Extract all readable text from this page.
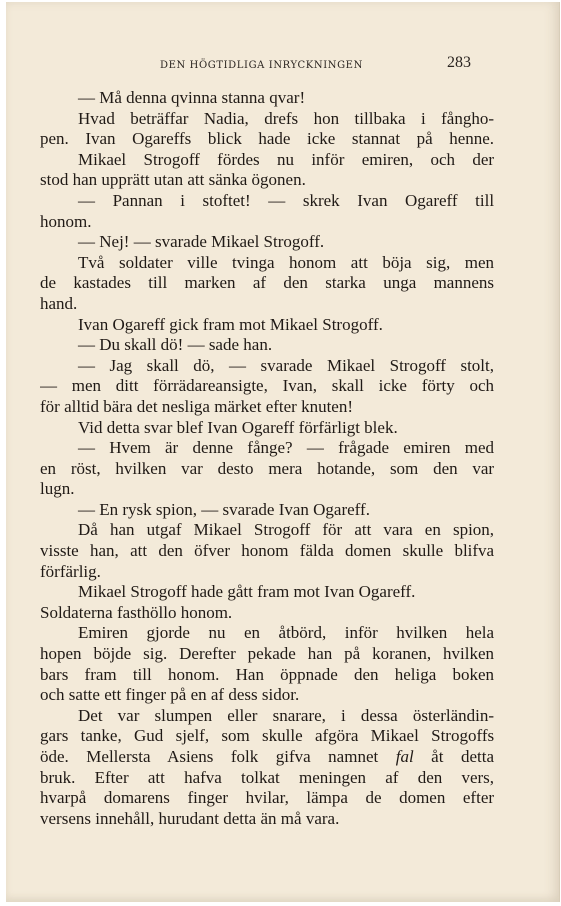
DEN HÖGTIDLIGA INRYCKNINGEN	283
— Må denna qvinna stanna qvar!
Hvad beträffar Nadia, drefs hon tillbaka i fångho-
pen. Ivan Ogareffs blick hade icke stannat på henne.
Mikael Strogoff fördes nu inför emiren, och der
stod han upprätt utan att sänka ögonen.
— Pannan i stoftet! — skrek Ivan Ogareff till
honom.
— Nej! — svarade Mikael Strogoff.
Två soldater ville tvinga honom att böja sig, men
de kastades till marken af den starka unga mannens
hand.
Ivan Ogareff gick fram mot Mikael Strogoff.
— Du skall dö! — sade han.
— Jag skall dö, — svarade Mikael Strogoff stolt,
— men ditt förrädareansigte, Ivan, skall icke förty och
för alltid bära det nesliga märket efter knuten!
Vid detta svar blef Ivan Ogareff förfärligt blek.
— Hvem är denne fånge? — frågade emiren med
en röst, hvilken var desto mera hotande, som den var
lugn.
— En rysk spion, — svarade Ivan Ogareff.
Då han utgaf Mikael Strogoff för att vara en spion,
visste han, att den öfver honom fälda domen skulle blifva
förfärlig.
Mikael Strogoff hade gått fram mot Ivan Ogareff.
Soldaterna fasthöllo honom.
Emiren gjorde nu en åtbörd, inför hvilken hela
hopen böjde sig. Derefter pekade han på koranen, hvilken
bars fram till honom. Han öppnade den heliga boken
och satte ett finger på en af dess sidor.
Det var slumpen eller snarare, i dessa österländin-
gars tanke, Gud sjelf, som skulle afgöra Mikael Strogoffs
öde. Mellersta Asiens folk gifva namnet fal åt detta
bruk. Efter att hafva tolkat meningen af den vers,
hvarpå domarens finger hvilar, lämpa de domen efter
versens innehåll, hurudant detta än må vara.
